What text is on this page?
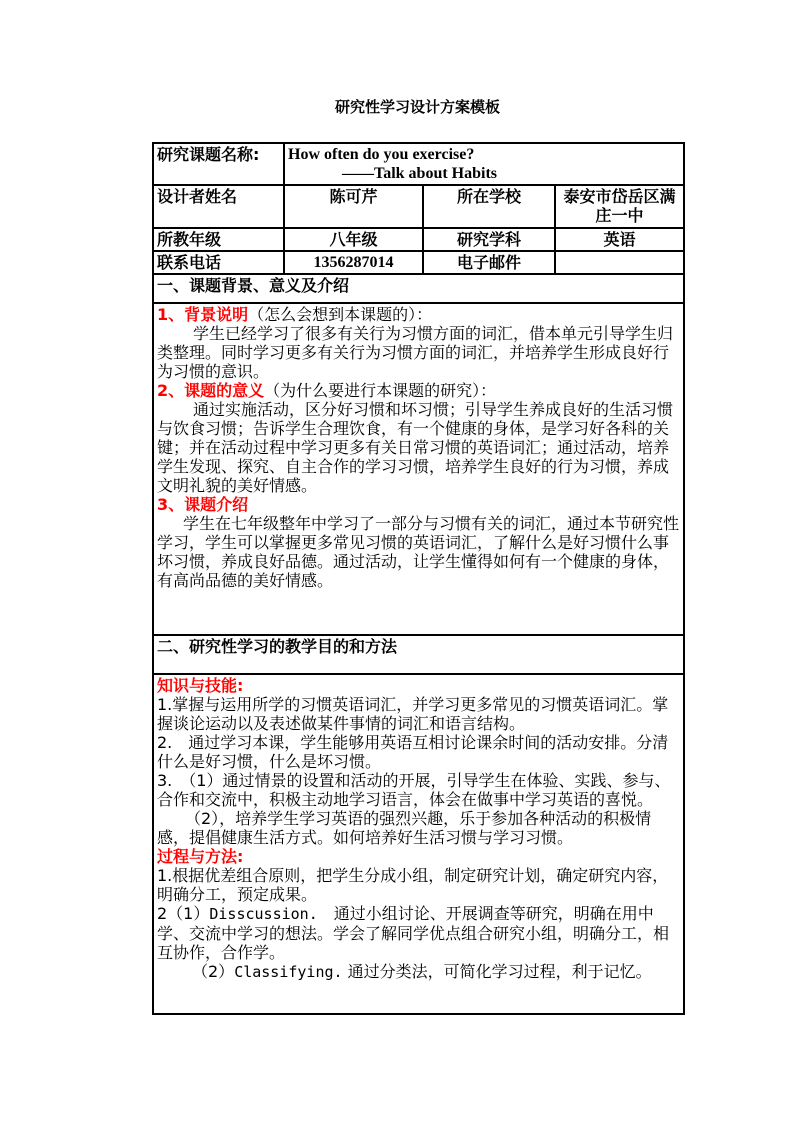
研究性学习设计方案模板
研究课题名称:	How often do you exercise?
——Talk about Habits		

设计者姓名	陈可芹	所在学校	泰安市岱岳区满庄一中
所教年级	八年级	研究学科	英语
联系电话	1356287014	电子邮件	
一、课题背景、意义及介绍			

1、背景说明（怎么会想到本课题的）：

学生已经学习了很多有关行为习惯方面的词汇，借本单元引导学生归类整理。同时学习更多有关行为习惯方面的词汇，并培养学生形成良好行为习惯的意识。

2、课题的意义（为什么要进行本课题的研究）：

通过实施活动，区分好习惯和坏习惯；引导学生养成良好的生活习惯与饮食习惯；告诉学生合理饮食，有一个健康的身体，是学习好各科的关键；并在活动过程中学习更多有关日常习惯的英语词汇；通过活动，培养学生发现、探究、自主合作的学习习惯，培养学生良好的行为习惯，养成文明礼貌的美好情感。

3、课题介绍

学生在七年级整年中学习了一部分与习惯有关的词汇，通过本节研究性学习，学生可以掌握更多常见习惯的英语词汇，了解什么是好习惯什么事坏习惯，养成良好品德。通过活动，让学生懂得如何有一个健康的身体，有高尚品德的美好情感。

二、研究性学习的教学目的和方法			

知识与技能:

1.掌握与运用所学的习惯英语词汇，并学习更多常见的习惯英语词汇。掌握谈论运动以及表述做某件事情的词汇和语言结构。

2.　通过学习本课，学生能够用英语互相讨论课余时间的活动安排。分清什么是好习惯，什么是坏习惯。

3.　（1）通过情景的设置和活动的开展，引导学生在体验、实践、参与、合作和交流中，积极主动地学习语言，体会在做事中学习英语的喜悦。

（2），培养学生学习英语的强烈兴趣，乐于参加各种活动的积极情感，提倡健康生活方式。如何培养好生活习惯与学习习惯。

过程与方法:

1.根据优差组合原则，把学生分成小组，制定研究计划，确定研究内容，明确分工，预定成果。

2（1）Disscussion.　通过小组讨论、开展调查等研究，明确在用中学、交流中学习的想法。学会了解同学优点组合研究小组，明确分工，相互协作，合作学。

（2）Classifying. 通过分类法，可简化学习过程，利于记忆。
